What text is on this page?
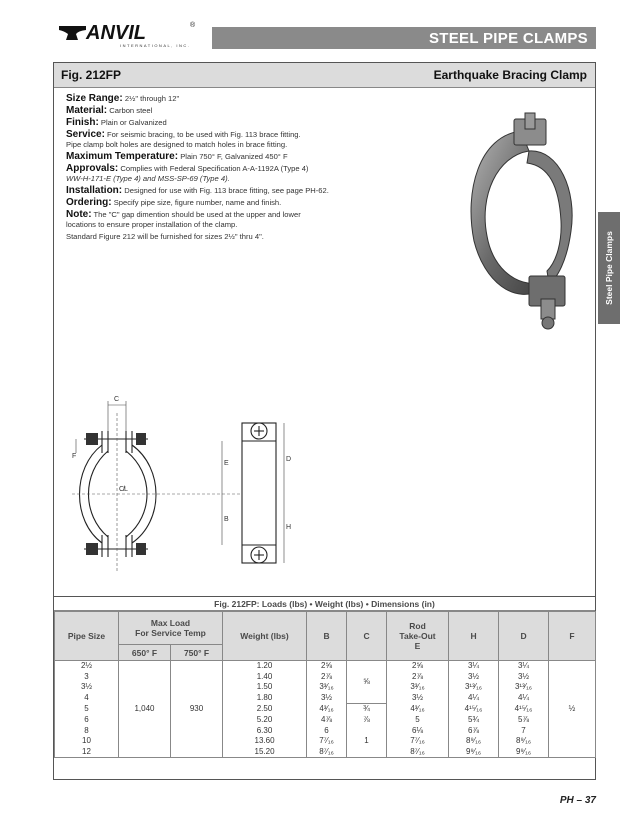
ANVIL	®
INTERNATIONAL, INC.	STEEL PIPE CLAMPS
Steel Pipe Clamps
Fig. 212FP	Earthquake Bracing Clamp
Size Range: 2½" through 12"
Material: Carbon steel
Finish: Plain or Galvanized
Service: For seismic bracing, to be used with Fig. 113 brace fitting.
Pipe clamp bolt holes are designed to match holes in brace fitting.
Maximum Temperature: Plain 750° F, Galvanized 450° F
Approvals: Complies with Federal Specification A-A-1192A (Type 4)
WW-H-171-E (Type 4) and MSS-SP-69 (Type 4).
Installation: Designed for use with Fig. 113 brace fitting, see page PH-62.
Ordering: Specify pipe size, figure number, name and finish.
Note: The "C" gap dimention should be used at the upper and lower
locations to ensure proper installation of the clamp.
Standard Figure 212 will be furnished for sizes 2½" thru 4".
C
F
E
D
B
H
C̸L
Fig. 212FP: Loads (lbs) • Weight (lbs) • Dimensions (in)
Pipe Size	Max Load
For Service Temp		Weight (lbs)	B	C	Rod
Take-Out
E	H	D	F
	650° F	750° F							
2½	1,040	930	1.20	2⅝	⅝	2⅝	3¼	3¼	½
3			1.40	2⅞		2⅞	3½	3½	
3½			1.50	3³⁄₁₆		3³⁄₁₆	3¹³⁄₁₆	3¹³⁄₁₆	
4			1.80	3½		3½	4¼	4¼	
5			2.50	4³⁄₁₆	¾	4³⁄₁₆	4¹⁵⁄₁₆	4¹⁵⁄₁₆	
6			5.20	4⅞	⅞	5	5¾	5⅞	
8			6.30	6	1	6⅛	6⅞	7	
10			13.60	7⁷⁄₁₆		7⁷⁄₁₆	8⁹⁄₁₆	8⁹⁄₁₆	
12			15.20	8⁷⁄₁₆		8⁷⁄₁₆	9⁹⁄₁₆	9⁹⁄₁₆	
PH – 37
